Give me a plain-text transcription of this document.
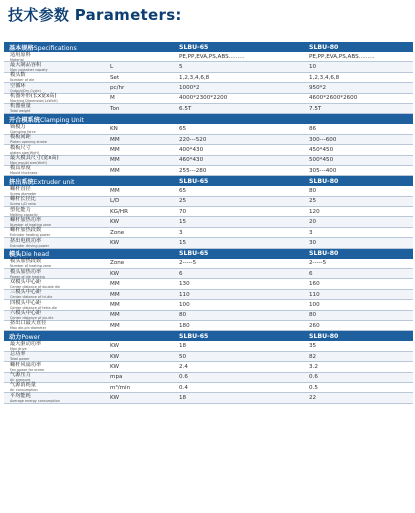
技术参数 Parameters:
基本规格Specifications	SLBU-65	SLBU-80
适用原料
Material	PE,PP,EVA,PS,ABS.........	PE,PP,EVA,PS,ABS.........
最大制品容积
Max container capaity	L	5	10
模头数
Number of die	Set	1,2,3,4,6,8	1,2,3,4,6,8
空循环
Output(Dry Cycle)	pc/hr	1000*2	950*2
机器外形(长x宽x高)
Machine Dimension(LxWxH)	M	4000*2300*2200	4600*2600*2600
机器重量
Total weight	Ton	6.5T	7.5T
开合模系统Clamping Unit
锁模力
Clamping force	KN	65	86
模板间距
Platen opening stroke	MM	220---520	300---600
模板尺寸
platen size(WxH)	MM	400*430	450*450
最大模具尺寸(宽x高)
Max mould size(WxH)	MM	460*430	500*450
模具厚度
Mould thickness	MM	255---280	305---400
挤出系统Extruder unit	SLBU-65	SLBU-80
螺杆直径
Screw diameter	MM	65	80
螺杆长径比
Screw L/D ratio	L/D	25	25
塑化能力
Melting capacity	KG/HR	70	120
螺杆加热功率
Number of heating zone	KW	15	20
螺杆加热段数
Extruder heating power	Zone	3	3
挤出电机功率
Extruder driving power	KW	15	30
模头Die head	SLBU-65	SLBU-80
模头加热段数
Number of heating zone	Zone	2-----5	2-----5
模头加热功率
Power of die heating	KW	6	6
双模头中心距
Center distance of double die	MM	130	160
三模头中心距
Center distance of tri-die	MM	110	110
四模头中心距
Center distance of tetra-die	MM	100	100
六模头中心距
Center distance of six-die	MM	80	80
挤出口最大直径
Max die-pin diameter	MM	180	260
动力Power	SLBU-65	SLBU-80
最大驱动功率
Max drive	KW	18	35
总功率
Total power	KW	50	82
螺杆风扇功率
Fan power for screw	KW	2.4	3.2
气源压力
Air pressure	mpa	0.6	0.6
气源消耗量
Air consumption	m³/min	0.4	0.5
平均能耗
Average energy consumption	KW	18	22
